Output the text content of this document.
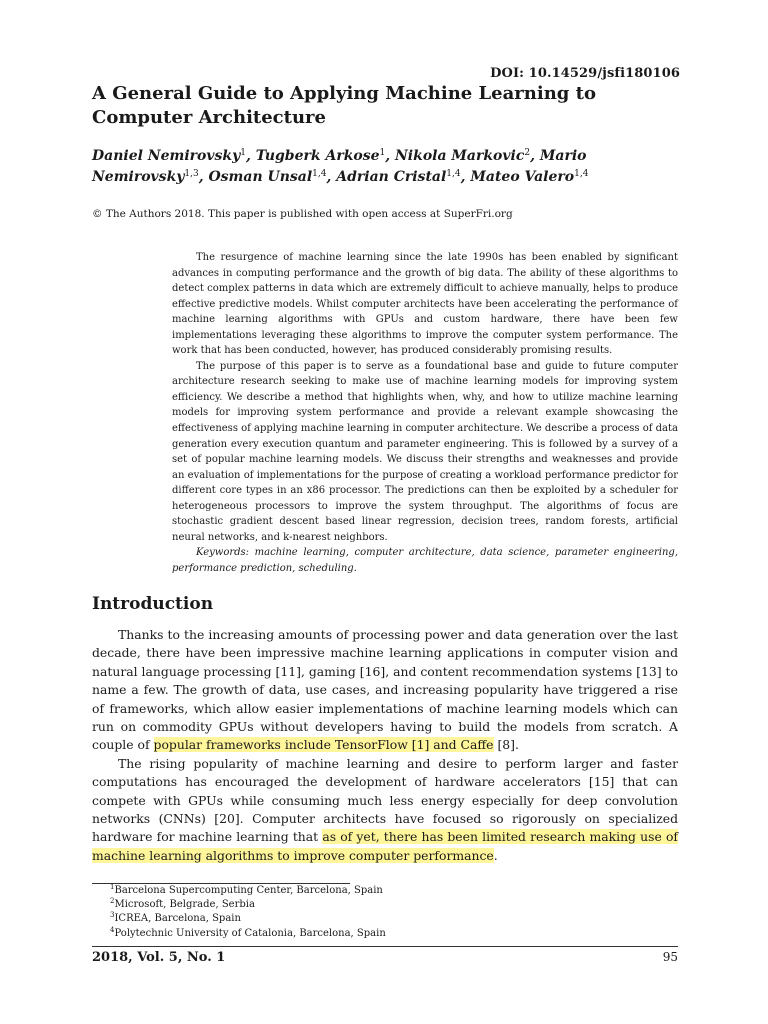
DOI: 10.14529/jsfi180106
A General Guide to Applying Machine Learning to Computer Architecture
Daniel Nemirovsky$^1$, Tugberk Arkose$^1$, Nikola Markovic$^2$, Mario Nemirovsky$^{1,3}$, Osman Unsal$^{1,4}$, Adrian Cristal$^{1,4}$, Mateo Valero$^{1,4}$
© The Authors 2018. This paper is published with open access at SuperFri.org

The resurgence of machine learning since the late 1990s has been enabled by significant advances in computing performance and the growth of big data. The ability of these algorithms to detect complex patterns in data which are extremely difficult to achieve manually, helps to produce effective predictive models. Whilst computer architects have been accelerating the performance of machine learning algorithms with GPUs and custom hardware, there have been few implementations leveraging these algorithms to improve the computer system performance. The work that has been conducted, however, has produced considerably promising results.

The purpose of this paper is to serve as a foundational base and guide to future computer architecture research seeking to make use of machine learning models for improving system efficiency. We describe a method that highlights when, why, and how to utilize machine learning models for improving system performance and provide a relevant example showcasing the effectiveness of applying machine learning in computer architecture. We describe a process of data generation every execution quantum and parameter engineering. This is followed by a survey of a set of popular machine learning models. We discuss their strengths and weaknesses and provide an evaluation of implementations for the purpose of creating a workload performance predictor for different core types in an x86 processor. The predictions can then be exploited by a scheduler for heterogeneous processors to improve the system throughput. The algorithms of focus are stochastic gradient descent based linear regression, decision trees, random forests, artificial neural networks, and k-nearest neighbors.

Keywords: machine learning, computer architecture, data science, parameter engineering, performance prediction, scheduling.

Introduction

Thanks to the increasing amounts of processing power and data generation over the last decade, there have been impressive machine learning applications in computer vision and natural language processing [11], gaming [16], and content recommendation systems [13] to name a few. The growth of data, use cases, and increasing popularity have triggered a rise of frameworks, which allow easier implementations of machine learning models which can run on commodity GPUs without developers having to build the models from scratch. A couple of popular frameworks include TensorFlow [1] and Caffe [8].

The rising popularity of machine learning and desire to perform larger and faster computations has encouraged the development of hardware accelerators [15] that can compete with GPUs while consuming much less energy especially for deep convolution networks (CNNs) [20]. Computer architects have focused so rigorously on specialized hardware for machine learning that as of yet, there has been limited research making use of machine learning algorithms to improve computer performance.

$^1$Barcelona Supercomputing Center, Barcelona, Spain
$^2$Microsoft, Belgrade, Serbia
$^3$ICREA, Barcelona, Spain
$^4$Polytechnic University of Catalonia, Barcelona, Spain
2018, Vol. 5, No. 1	95
